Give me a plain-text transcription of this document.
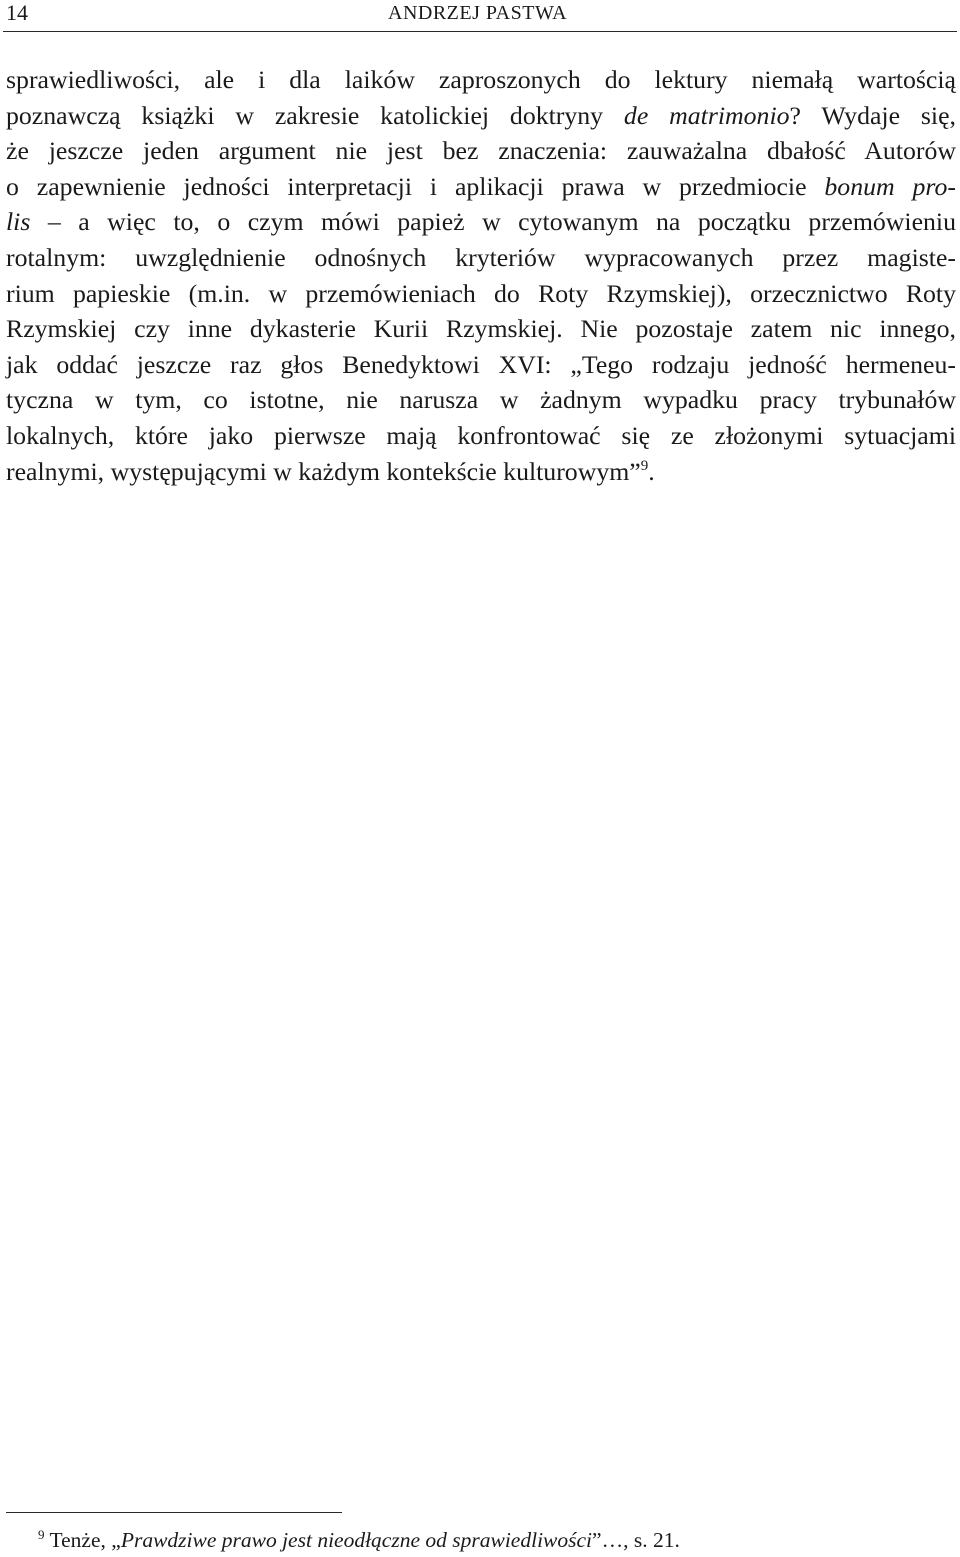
14	ANDRZEJ PASTWA
sprawiedliwości, ale i dla laików zaproszonych do lektury niemałą wartością
poznawczą książki w zakresie katolickiej doktryny de matrimonio? Wydaje się,
że jeszcze jeden argument nie jest bez znaczenia: zauważalna dbałość Autorów
o zapewnienie jedności interpretacji i aplikacji prawa w przedmiocie bonum pro-
lis – a więc to, o czym mówi papież w cytowanym na początku przemówieniu
rotalnym: uwzględnienie odnośnych kryteriów wypracowanych przez magiste-
rium papieskie (m.in. w przemówieniach do Roty Rzymskiej), orzecznictwo Roty
Rzymskiej czy inne dykasterie Kurii Rzymskiej. Nie pozostaje zatem nic innego,
jak oddać jeszcze raz głos Benedyktowi XVI: „Tego rodzaju jedność hermeneu-
tyczna w tym, co istotne, nie narusza w żadnym wypadku pracy trybunałów
lokalnych, które jako pierwsze mają konfrontować się ze złożonymi sytuacjami
realnymi, występującymi w każdym kontekście kulturowym”$^9$.
$^9$ Tenże, „Prawdziwe prawo jest nieodłączne od sprawiedliwości”…, s. 21.
